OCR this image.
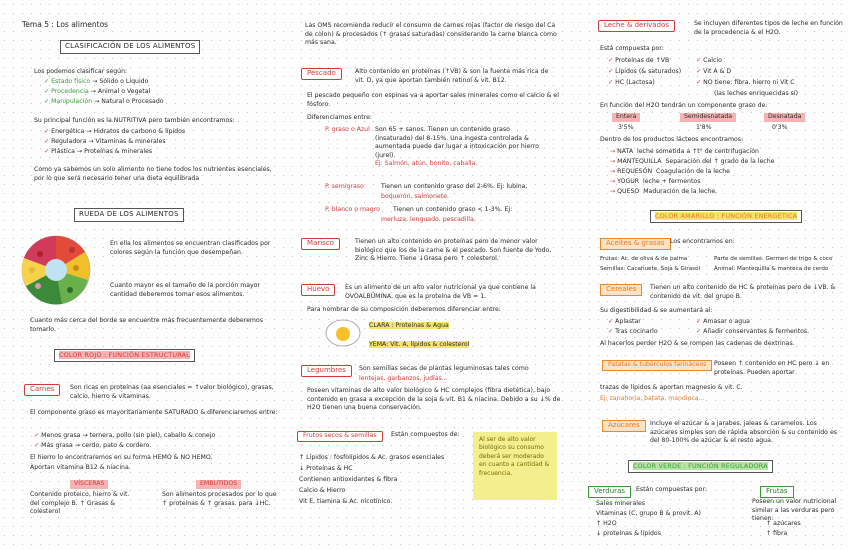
Tema 5 : Los alimentos
CLASIFICACIÓN DE LOS ALIMENTOS
Los podemos clasificar según:
✓ Estado físico → Sólido o Líquido
✓ Procedencia → Animal o Vegetal
✓ Manipulación → Natural o Procesado
Su principal función es la NUTRITIVA pero también encontramos:
✓ Energética → Hidratos de carbono & lípidos
✓ Reguladora → Vitaminas & minerales
✓ Plástica → Proteínas & minerales
Como ya sabemos un solo alimento no tiene todos los nutrientes esenciales, por lo que será necesario tener una dieta equilibrada
RUEDA DE LOS ALIMENTOS
En ella los alimentos se encuentran clasificados por colores según la función que desempeñan.
Cuanto mayor es el tamaño de la porción mayor cantidad deberemos tomar esos alimentos.
Cuanto más cerca del borde se encuentre más frecuentemente deberemos tomarlo.
COLOR ROJO : FUNCIÓN ESTRUCTURAL
Carnes	Son ricas en proteínas (aa esenciales = ↑valor biológico), grasas, calcio, hierro & vitaminas.
El componente graso es mayoritariamente SATURADO & diferenciaremos entre:
✓ Menos grasa → ternera, pollo (sin piel), caballo & conejo
✓ Más grasa → cerdo, pato & cordero.
El hierro lo encontraremos en su forma HEMO & NO HEMO.
Aportan vitamina B12 & niacina.
VÍSCERAS
Contenido proteico, hierro & vit. del complejo B. ↑ Grasas & colesterol
EMBUTIDOS
Son alimentos procesados por lo que ↑ proteínas & ↑ grasas. para ↓HC.
Las OMS recomienda reducir el consumo de carnes rojas (factor de riesgo del Ca de colon) & procesados (↑ grasas saturadas) considerando la carne blanca como más sana.
Pescado	Alto contenido en proteínas (↑VB) & son la fuente más rica de vit. D, ya que aportan también retinol & vit. B12.
El pescado pequeño con espinas va a aportar sales minerales como el calcio & el fósforo.
Diferenciamos entre:
P. graso o Azul Son 65 + sanos. Tienen un contenido graso (insaturado) del 8-15%. Una ingesta controlada & aumentada puede dar lugar a intoxicación por hierro (jurel).
Ej: Salmón, atún, bonito, caballa.
P. semigraso	Tienen un contenido graso del 2-6%. Ej: lubina,
boquerón, salmonete.
P. blanco o magro Tienen un contenido graso < 1-3%. Ej:
merluza, lenguado, pescadilla.
Marisco	Tienen un alto contenido en proteínas pero de menor valor biológico que los de la carne & el pescado. Son fuente de Yodo, Zinc & Hierro. Tiene ↓Grasa pero ↑ colesterol.
Huevo	Es un alimento de un alto valor nutricional ya que contiene la OVOALBÚMINA, que es la proteína de VB = 1.
Para nombrar de su composición deberemos diferenciar entre:
CLARA : Proteínas & Agua
YEMA: Vit. A, lípidos & colesterol
Legumbres	Son semillas secas de plantas leguminosas tales como
lentejas, garbanzos, judías...
Poseen vitaminas de alto valor biológico & HC complejos (fibra dietética), bajo contenido en grasa a excepción de la soja & vit. B1 & niacina. Debido a su ↓% de H2O tienen una buena conservación.
Frutos secos & semillas	Están compuestos de:
↑ Lípidos : fosfolípidos & Ac. grasos esenciales
↓ Proteínas & HC
Contienen antioxidantes & fibra
Calcio & Hierro
Vit E, tiamina & Ac. nicotínico.
Al ser de alto valor biológico su consumo deberá ser moderado en cuanto a cantidad & frecuencia.
Leche & derivados	Se incluyen diferentes tipos de leche en función de la procedencia & el H2O.
Está compuesta por:
✓ Proteínas de ↑VB	✓ Calcio
✓ Lípidos (& saturados) ✓ Vit A & D
✓ HC (Lactosa)	✓ NO tiene: fibra, hierro ni Vit C
(las leches enriquecidas sí)
En función del H2O tendrán un componente graso de:
Entera	Semidesnatada	Desnatada
3'5%	1'8%	0'3%
Dentro de los productos lácteos encontramos:
→ NATA leche sometida a ↑t° de centrifugación
→ MANTEQUILLA Separación del ↑ grado de la leche
→ REQUESÓN Coagulación de la leche
→ YOGUR leche + fermentos
→ QUESO Maduración de la leche.
COLOR AMARILLO : FUNCIÓN ENERGÉTICA
Aceites & grasas Los encontramos en:
Frutas: Ac. de oliva & de palma	Parte de semillas: Germen de trigo & coco
Semillas: Cacahuete, Soja & Girasol Animal: Mantequilla & manteca de cerdo
Cereales	Tienen un alto contenido de HC & proteínas pero de ↓VB. & contenido de vit. del grupo B.
Su digestibilidad & se aumentará al:
✓ Aplastar	✓ Amasar o agua
✓ Tras cocinarlo	✓ Añadir conservantes & fermentos.
Al hacerlos perder H2O & se rompen las cadenas de dextrinas.
Patatas & tubérculos farináceos	Poseen ↑ contenido en HC pero ↓ en proteínas. Pueden aportar
trazas de lípidos & aportan magnesio & vit. C.
Ej: zanahoria, batata, mandioca...
Azúcares	Incluye el azúcar & a jarabes, jaleas & caramelos. Los azúcares simples son de rápida absorción & su contenido es del 80-100% de azúcar & el resto agua.
COLOR VERDE : FUNCIÓN REGULADORA
Verduras	Están compuestas por:
Sales minerales
Vitaminas (C, grupo B & provit. A)
↑ H2O
↓ proteínas & lípidos
Frutas
Poseen un valor nutricional similar a las verduras pero tienen:
↑ azúcares
↑ fibra
